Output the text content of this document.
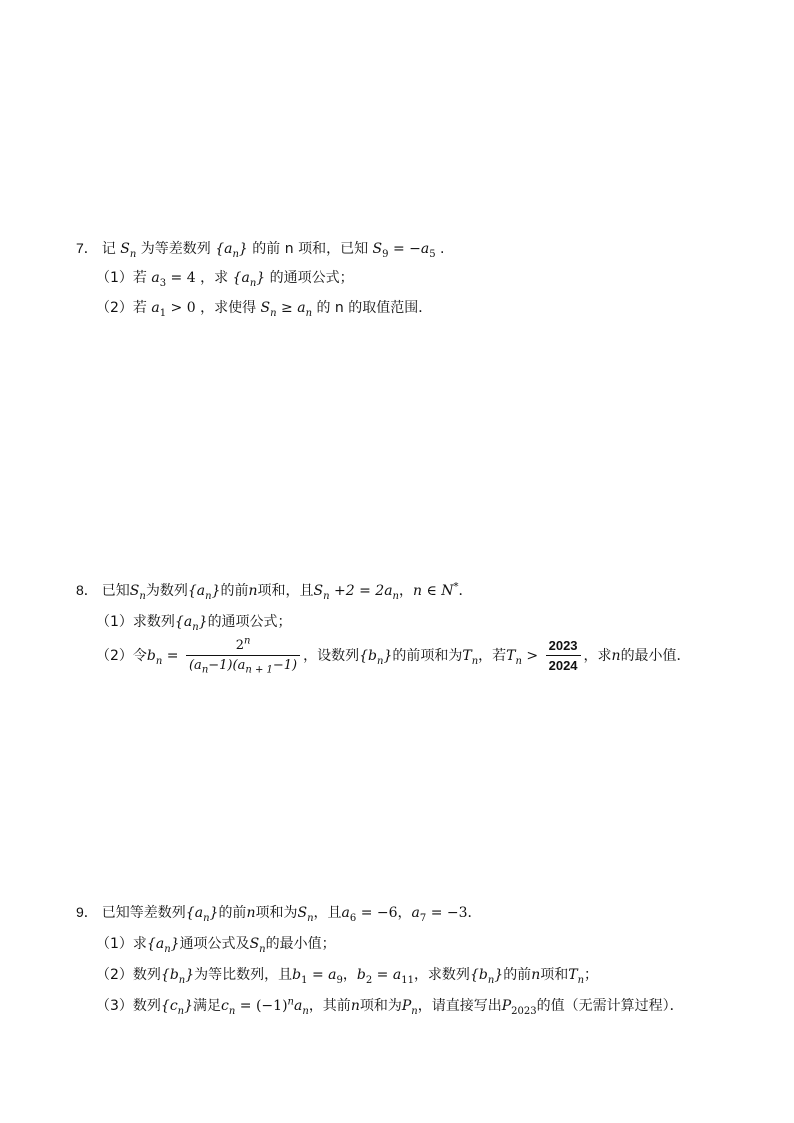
7． 记 $S_n$ 为等差数列 $\{a_n\}$ 的前 n 项和，已知 $S_9 = -a_5$ .
（1）若 $a_3 = 4$ ，求 $\{a_n\}$ 的通项公式；
（2）若 $a_1 > 0$ ，求使得 $S_n \ge a_n$ 的 n 的取值范围．
8． 已知$S_n$为数列$\{a_n\}$的前n项和，且$S_n +2 = 2a_n$，n ∈ N*．
（1）求数列$\{a_n\}$的通项公式；
（2）令$b_n = \frac{2^n}{(a_n-1)(a_{n + 1}-1)}$ ，设数列$\{b_n\}$的前项和为$T_n$，若$T_n > \frac{2023}{2024}$ ，求n的最小值．
9． 已知等差数列$\{a_n\}$的前n项和为$S_n$，且$a_6 = -6$，$a_7 = -3$．
（1）求$\{a_n\}$通项公式及$S_n$的最小值；
（2）数列$\{b_n\}$为等比数列，且$b_1 = a_9$，$b_2 = a_{11}$，求数列$\{b_n\}$的前n项和$T_n$；
（3）数列$\{c_n\}$满足$c_n = (-1)^na_n$，其前n项和为$P_n$，请直接写出$P_{2023}$的值（无需计算过程）．
